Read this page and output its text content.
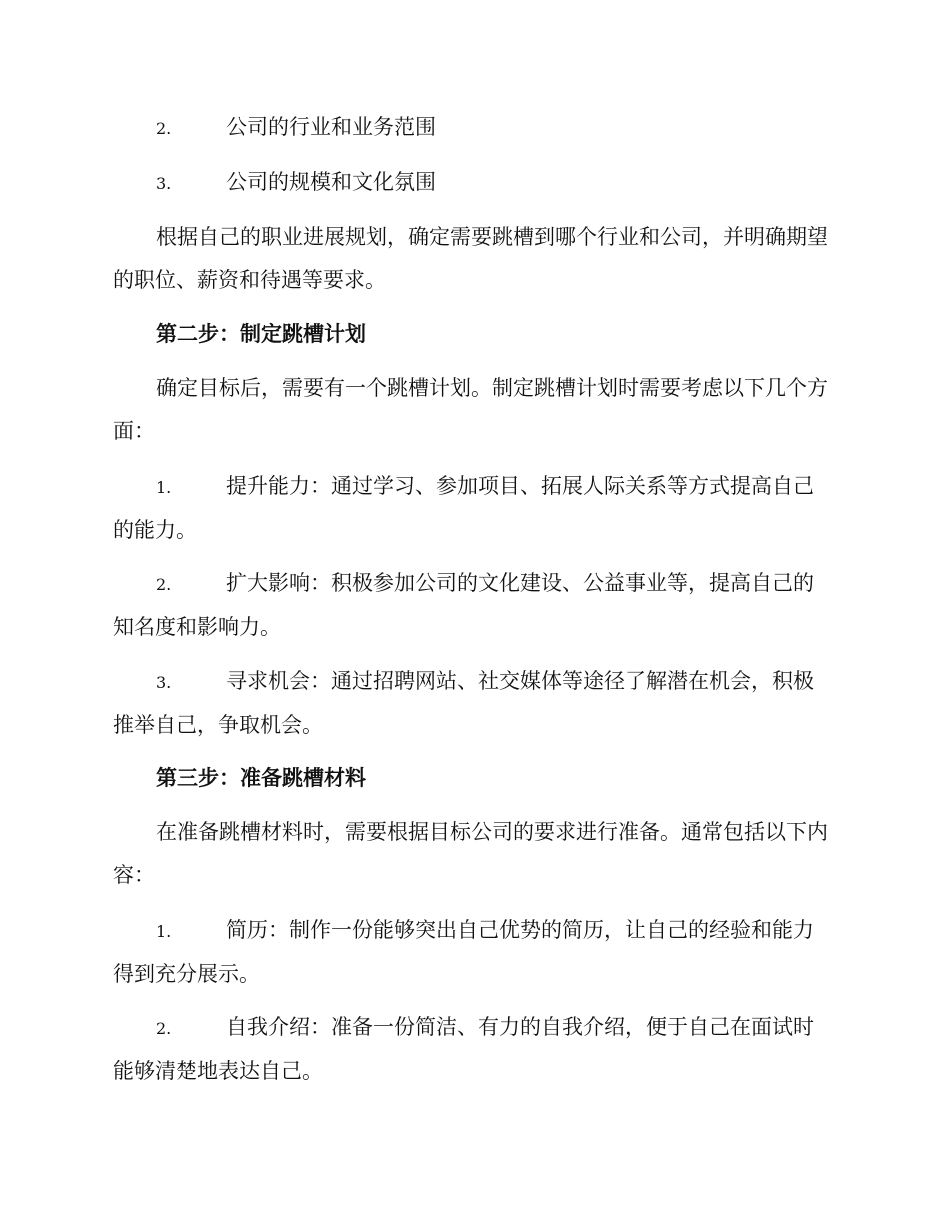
2.	公司的行业和业务范围

3.	公司的规模和文化氛围

根据自己的职业进展规划，确定需要跳槽到哪个行业和公司，并明确期望的职位、薪资和待遇等要求。

第二步：制定跳槽计划

确定目标后，需要有一个跳槽计划。制定跳槽计划时需要考虑以下几个方面：

1.	提升能力：通过学习、参加项目、拓展人际关系等方式提高自己的能力。

2.	扩大影响：积极参加公司的文化建设、公益事业等，提高自己的知名度和影响力。

3.	寻求机会：通过招聘网站、社交媒体等途径了解潜在机会，积极推举自己，争取机会。

第三步：准备跳槽材料

在准备跳槽材料时，需要根据目标公司的要求进行准备。通常包括以下内容：

1.	简历：制作一份能够突出自己优势的简历，让自己的经验和能力得到充分展示。

2.	自我介绍：准备一份简洁、有力的自我介绍，便于自己在面试时能够清楚地表达自己。
